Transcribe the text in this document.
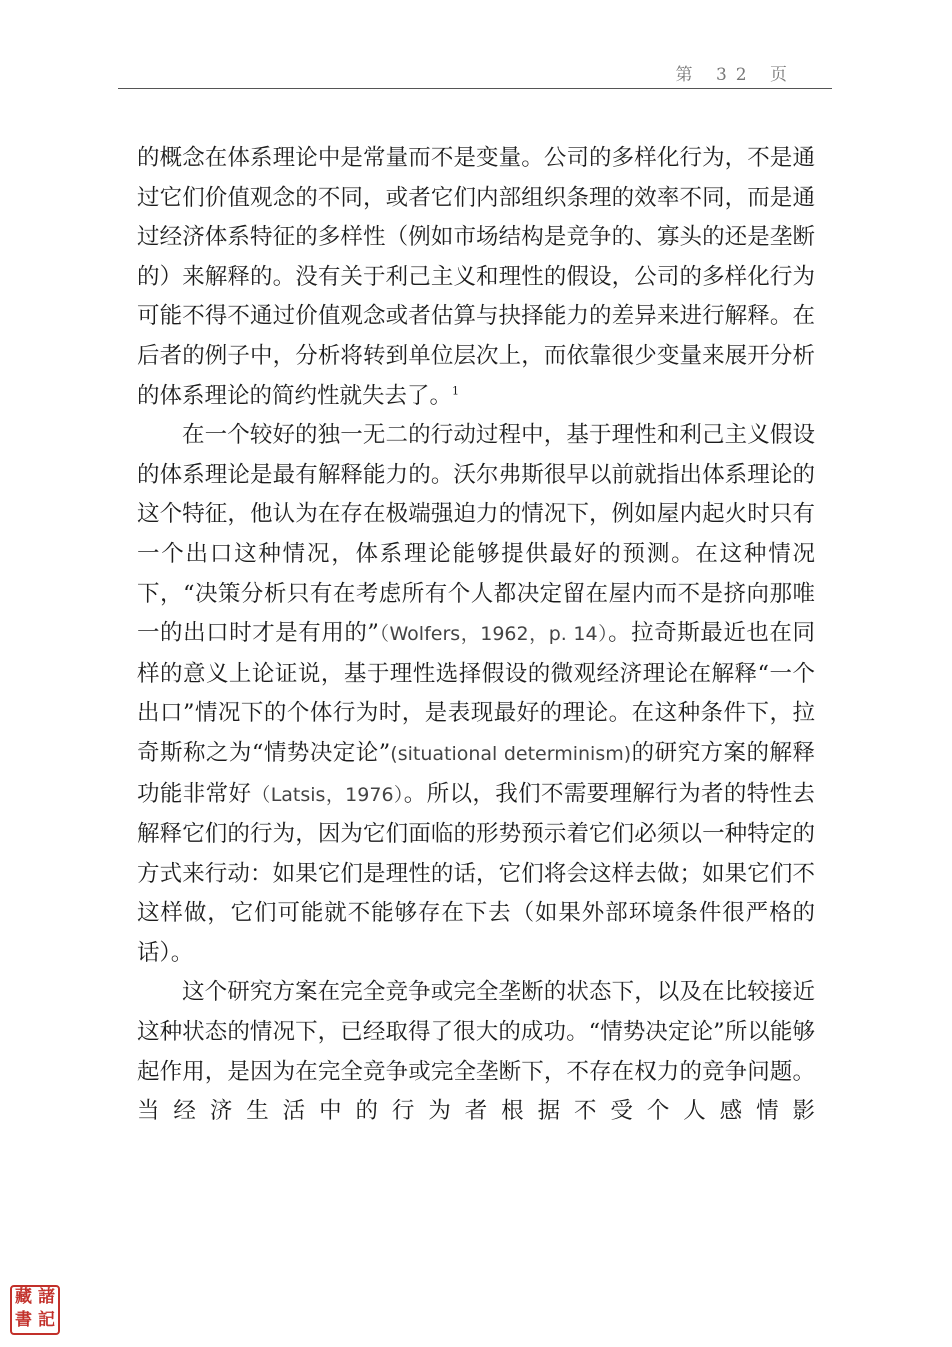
第 32 页

的概念在体系理论中是常量而不是变量。公司的多样化行为，不是通过它们价值观念的不同，或者它们内部组织条理的效率不同，而是通过经济体系特征的多样性（例如市场结构是竞争的、寡头的还是垄断的）来解释的。没有关于利己主义和理性的假设，公司的多样化行为可能不得不通过价值观念或者估算与抉择能力的差异来进行解释。在后者的例子中，分析将转到单位层次上，而依靠很少变量来展开分析的体系理论的简约性就失去了。$^1$

在一个较好的独一无二的行动过程中，基于理性和利己主义假设的体系理论是最有解释能力的。沃尔弗斯很早以前就指出体系理论的这个特征，他认为在存在极端强迫力的情况下，例如屋内起火时只有一个出口这种情况，体系理论能够提供最好的预测。在这种情况下，“决策分析只有在考虑所有个人都决定留在屋内而不是挤向那唯一的出口时才是有用的”（Wolfers，1962，p. 14）。拉奇斯最近也在同样的意义上论证说，基于理性选择假设的微观经济理论在解释“一个出口”情况下的个体行为时，是表现最好的理论。在这种条件下，拉奇斯称之为“情势决定论”(situational determinism)的研究方案的解释功能非常好（Latsis，1976）。所以，我们不需要理解行为者的特性去解释它们的行为，因为它们面临的形势预示着它们必须以一种特定的方式来行动：如果它们是理性的话，它们将会这样去做；如果它们不这样做，它们可能就不能够存在下去（如果外部环境条件很严格的话）。

这个研究方案在完全竞争或完全垄断的状态下，以及在比较接近这种状态的情况下，已经取得了很大的成功。“情势决定论”所以能够起作用，是因为在完全竞争或完全垄断下，不存在权力的竞争问题。当经济生活中的行为者根据不受个人感情影

藏 諸
書 記
